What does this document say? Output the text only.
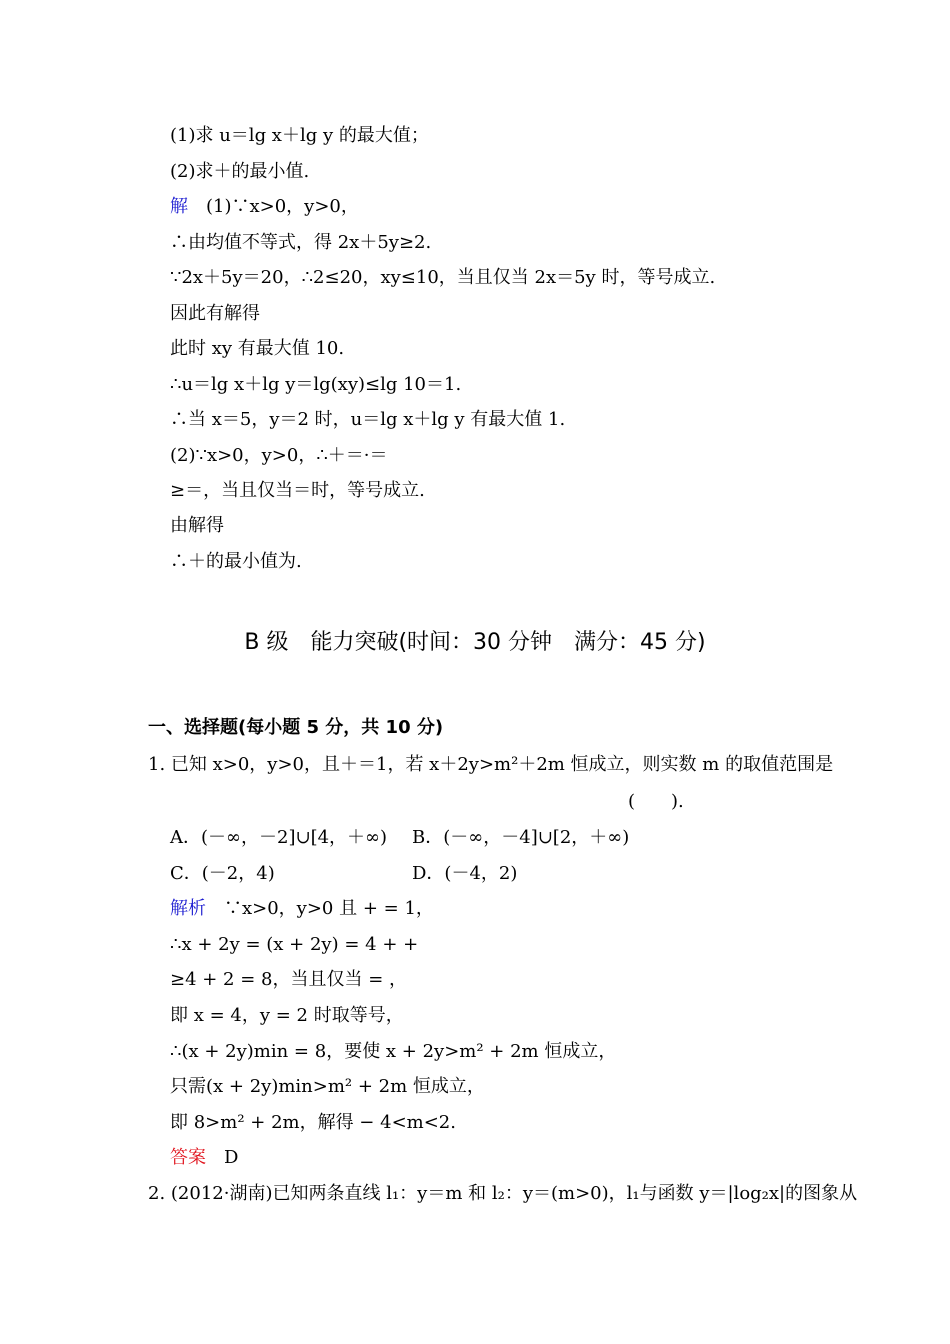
(1)求 u＝lg x＋lg y 的最大值；
(2)求＋的最小值.
解　 (1)∵x>0，y>0，
∴由均值不等式，得 2x＋5y≥2.
∵2x＋5y＝20，∴2≤20，xy≤10，当且仅当 2x＝5y 时，等号成立.
因此有解得
此时 xy 有最大值 10.
∴u＝lg x＋lg y＝lg(xy)≤lg 10＝1.
∴当 x＝5，y＝2 时，u＝lg x＋lg y 有最大值 1.
(2)∵x>0，y>0，∴＋＝·＝
≥＝，当且仅当＝时，等号成立.
由解得
∴＋的最小值为.
B 级　能力突破(时间：30 分钟　满分：45 分)
一、选择题(每小题 5 分，共 10 分)
1. 已知 x>0，y>0，且＋＝1，若 x＋2y>m²＋2m 恒成立，则实数 m 的取值范围是
(　　).
A．(－∞，－2]∪[4，＋∞) B．(－∞，－4]∪[2，＋∞)
C．(－2，4)	D．(－4，2)
解析　 ∵x>0，y>0 且 + = 1，
∴x + 2y = (x + 2y) = 4 + +
≥4 + 2 = 8，当且仅当 = ，
即 x = 4，y = 2 时取等号，
∴(x + 2y)min = 8，要使 x + 2y>m² + 2m 恒成立，
只需(x + 2y)min>m² + 2m 恒成立，
即 8>m² + 2m，解得 − 4<m<2.
答案　 D
2. (2012·湖南)已知两条直线 l₁：y＝m 和 l₂：y＝(m>0)，l₁与函数 y＝|log₂x|的图象从
